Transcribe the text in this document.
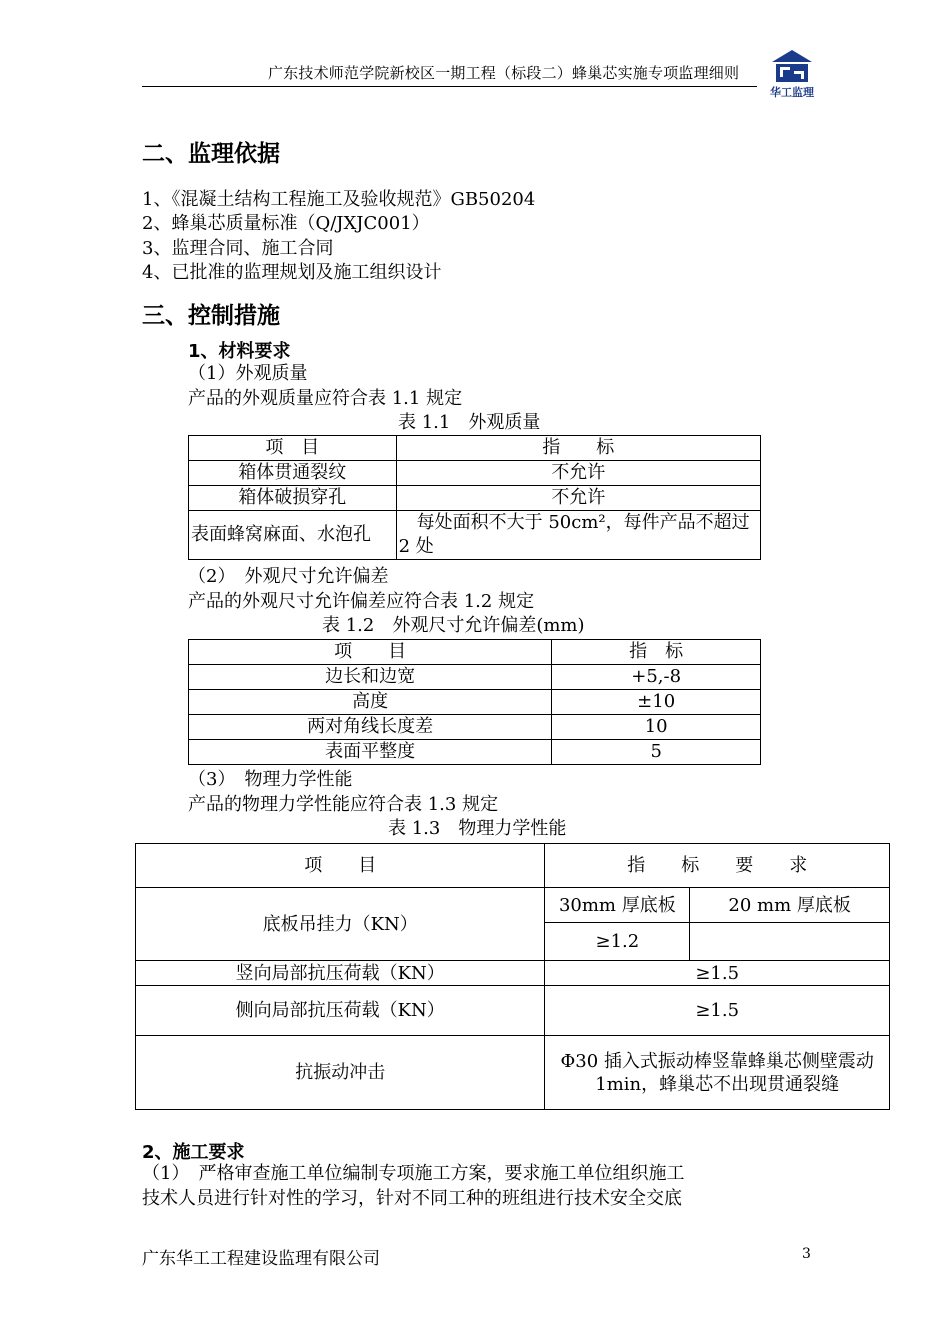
广东技术师范学院新校区一期工程（标段二）蜂巢芯实施专项监理细则
华工监理
二、监理依据
1、《混凝土结构工程施工及验收规范》GB50204
2、蜂巢芯质量标准（Q/JXJC001）
3、监理合同、施工合同
4、已批准的监理规划及施工组织设计
三、控制措施
1、材料要求
（1）外观质量
产品的外观质量应符合表 1.1 规定
表 1.1　外观质量
项　目	指　　标
箱体贯通裂纹	不允许
箱体破损穿孔	不允许
表面蜂窝麻面、水泡孔	　每处面积不大于 50cm²，每件产品不超过 2 处
（2）　外观尺寸允许偏差
产品的外观尺寸允许偏差应符合表 1.2 规定
表 1.2　外观尺寸允许偏差(mm)
项　　目	指　标
边长和边宽	+5,-8
高度	±10
两对角线长度差	10
表面平整度	5
（3）　物理力学性能
产品的物理力学性能应符合表 1.3 规定
表 1.3　物理力学性能
项　　目	指　　标　　要　　求	
底板吊挂力（KN）	30mm 厚底板	20 mm 厚底板
	≥1.2	
竖向局部抗压荷载（KN）	≥1.5	
侧向局部抗压荷载（KN）	≥1.5	
抗振动冲击	Φ30 插入式振动棒竖靠蜂巢芯侧壁震动 1min，蜂巢芯不出现贯通裂缝	
2、施工要求
（1）　严格审查施工单位编制专项施工方案，要求施工单位组织施工
技术人员进行针对性的学习，针对不同工种的班组进行技术安全交底
广东华工工程建设监理有限公司	3
